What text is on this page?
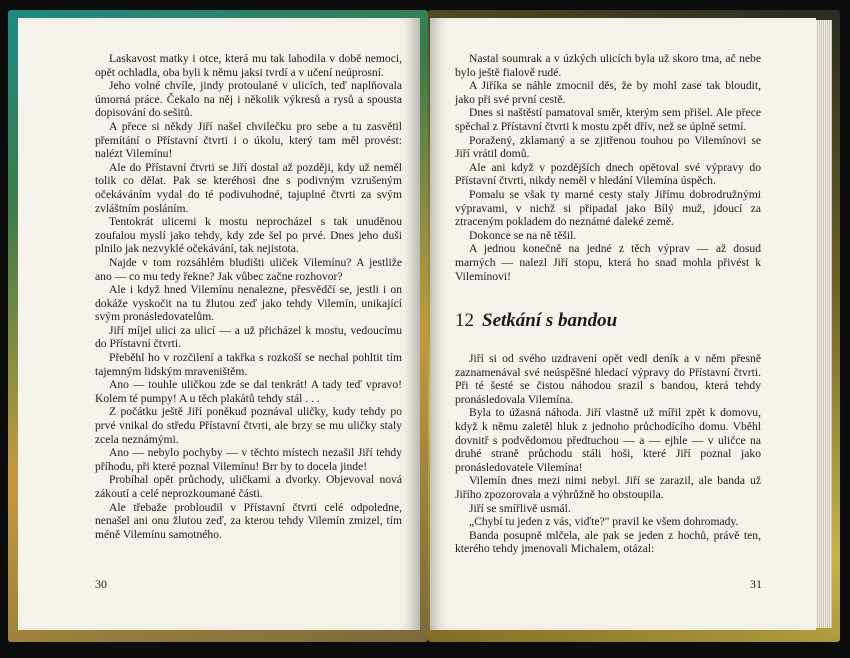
Laskavost matky i otce, která mu tak lahodila v době nemoci, opět ochladla, oba byli k němu jaksi tvrdí a v učení neúprosní.

Jeho volné chvíle, jindy protoulané v ulicích, teď naplňovala úmorná práce. Čekalo na něj i několik výkresů a rysů a spousta dopisování do sešitů.

A přece si někdy Jiří našel chvilečku pro sebe a tu zasvětil přemítání o Přístavní čtvrti i o úkolu, který tam měl provést: nalézt Vilemínu!

Ale do Přístavní čtvrti se Jiří dostal až později, kdy už neměl tolik co dělat. Pak se kteréhosi dne s podivným vzrušeným očekáváním vydal do té podivuhodné, tajuplné čtvrti za svým zvláštním posláním.

Tentokrát ulicemi k mostu neprocházel s tak unuděnou zoufalou myslí jako tehdy, kdy zde šel po prvé. Dnes jeho duši plnilo jak nezvyklé očekávání, tak nejistota.

Najde v tom rozsáhlém bludišti uliček Vilemínu? A jestliže ano — co mu tedy řekne? Jak vůbec začne rozhovor?

Ale i když hned Vilemínu nenalezne, přesvědčí se, jestli i on dokáže vyskočit na tu žlutou zeď jako tehdy Vilemín, unikající svým pronásledovatelům.

Jiří míjel ulici za ulicí — a už přicházel k mostu, vedoucímu do Přístavní čtvrti.

Přeběhl ho v rozčilení a takřka s rozkoší se nechal pohltit tím tajemným lidským mraveništěm.

Ano — touhle uličkou zde se dal tenkrát! A tady teď vpravo! Kolem té pumpy! A u těch plakátů tehdy stál . . .

Z počátku ještě Jiří poněkud poznával uličky, kudy tehdy po prvé vnikal do středu Přístavní čtvrti, ale brzy se mu uličky staly zcela neznámými.

Ano — nebylo pochyby — v těchto místech nezašil Jiří tehdy příhodu, při které poznal Vilemínu! Brr by to docela jinde!

Probíhal opět průchody, uličkami a dvorky. Objevoval nová zákoutí a celé neprozkoumané části.

Ale třebaže probloudil v Přístavní čtvrti celé odpoledne, nenašel ani onu žlutou zeď, za kterou tehdy Vilemín zmizel, tím méně Vilemínu samotného.

30

Nastal soumrak a v úzkých ulicích byla už skoro tma, ač nebe bylo ještě fialově rudé.

A Jiříka se náhle zmocnil děs, že by mohl zase tak bloudit, jako při své první cestě.

Dnes si naštěstí pamatoval směr, kterým sem přišel. Ale přece spěchal z Přístavní čtvrti k mostu zpět dřív, než se úplně setmí.

Poražený, zklamaný a se zjitřenou touhou po Vilemínovi se Jiří vrátil domů.

Ale ani když v pozdějších dnech opětoval své výpravy do Přístavní čtvrti, nikdy neměl v hledání Vilemína úspěch.

Pomalu se však ty marné cesty staly Jiřímu dobrodružnými výpravami, v nichž si připadal jako Bílý muž, jdoucí za ztraceným pokladem do neznámé daleké země.

Dokonce se na ně těšil.

A jednou konečně na jedné z těch výprav — až dosud marných — nalezl Jiří stopu, která ho snad mohla přivést k Vilemínovi!

12 Setkání s bandou

Jiří si od svého uzdravení opět vedl deník a v něm přesně zaznamenával své neúspěšné hledací výpravy do Přístavní čtvrti. Při té šesté se čistou náhodou srazil s bandou, která tehdy pronásledovala Vilemína.

Byla to úžasná náhoda. Jiří vlastně už mířil zpět k domovu, když k němu zaletěl hluk z jednoho průchodícího domu. Vběhl dovnitř s podvědomou předtuchou — a — ejhle — v uličce na druhé straně průchodu stáli hoši, které Jiří poznal jako pronásledovatele Vilemína!

Vilemín dnes mezi nimi nebyl. Jiří se zarazil, ale banda už Jiřího zpozorovala a výhrůžně ho obstoupila.

Jiří se smířlivě usmál.

„Chybí tu jeden z vás, viďte?" pravil ke všem dohromady.

Banda posupně mlčela, ale pak se jeden z hochů, právě ten, kterého tehdy jmenovali Michalem, otázal:

31
